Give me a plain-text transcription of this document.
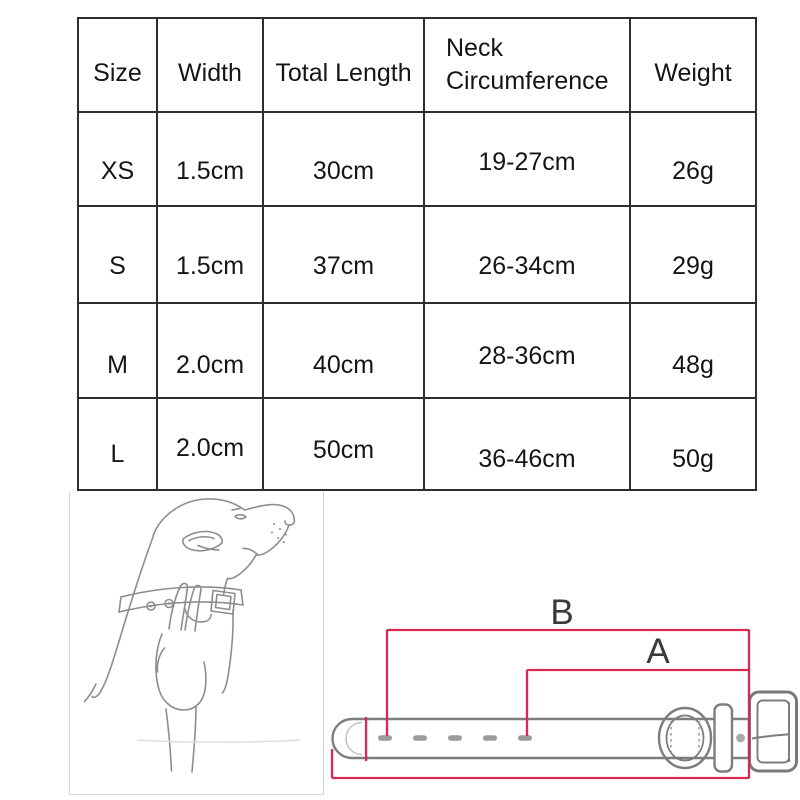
Size	Width	Total Length	Neck Circumference	Weight
XS	1.5cm	30cm	19-27cm	26g
S	1.5cm	37cm	26-34cm	29g
M	2.0cm	40cm	28-36cm	48g
L	2.0cm	50cm	36-46cm	50g
B
A
